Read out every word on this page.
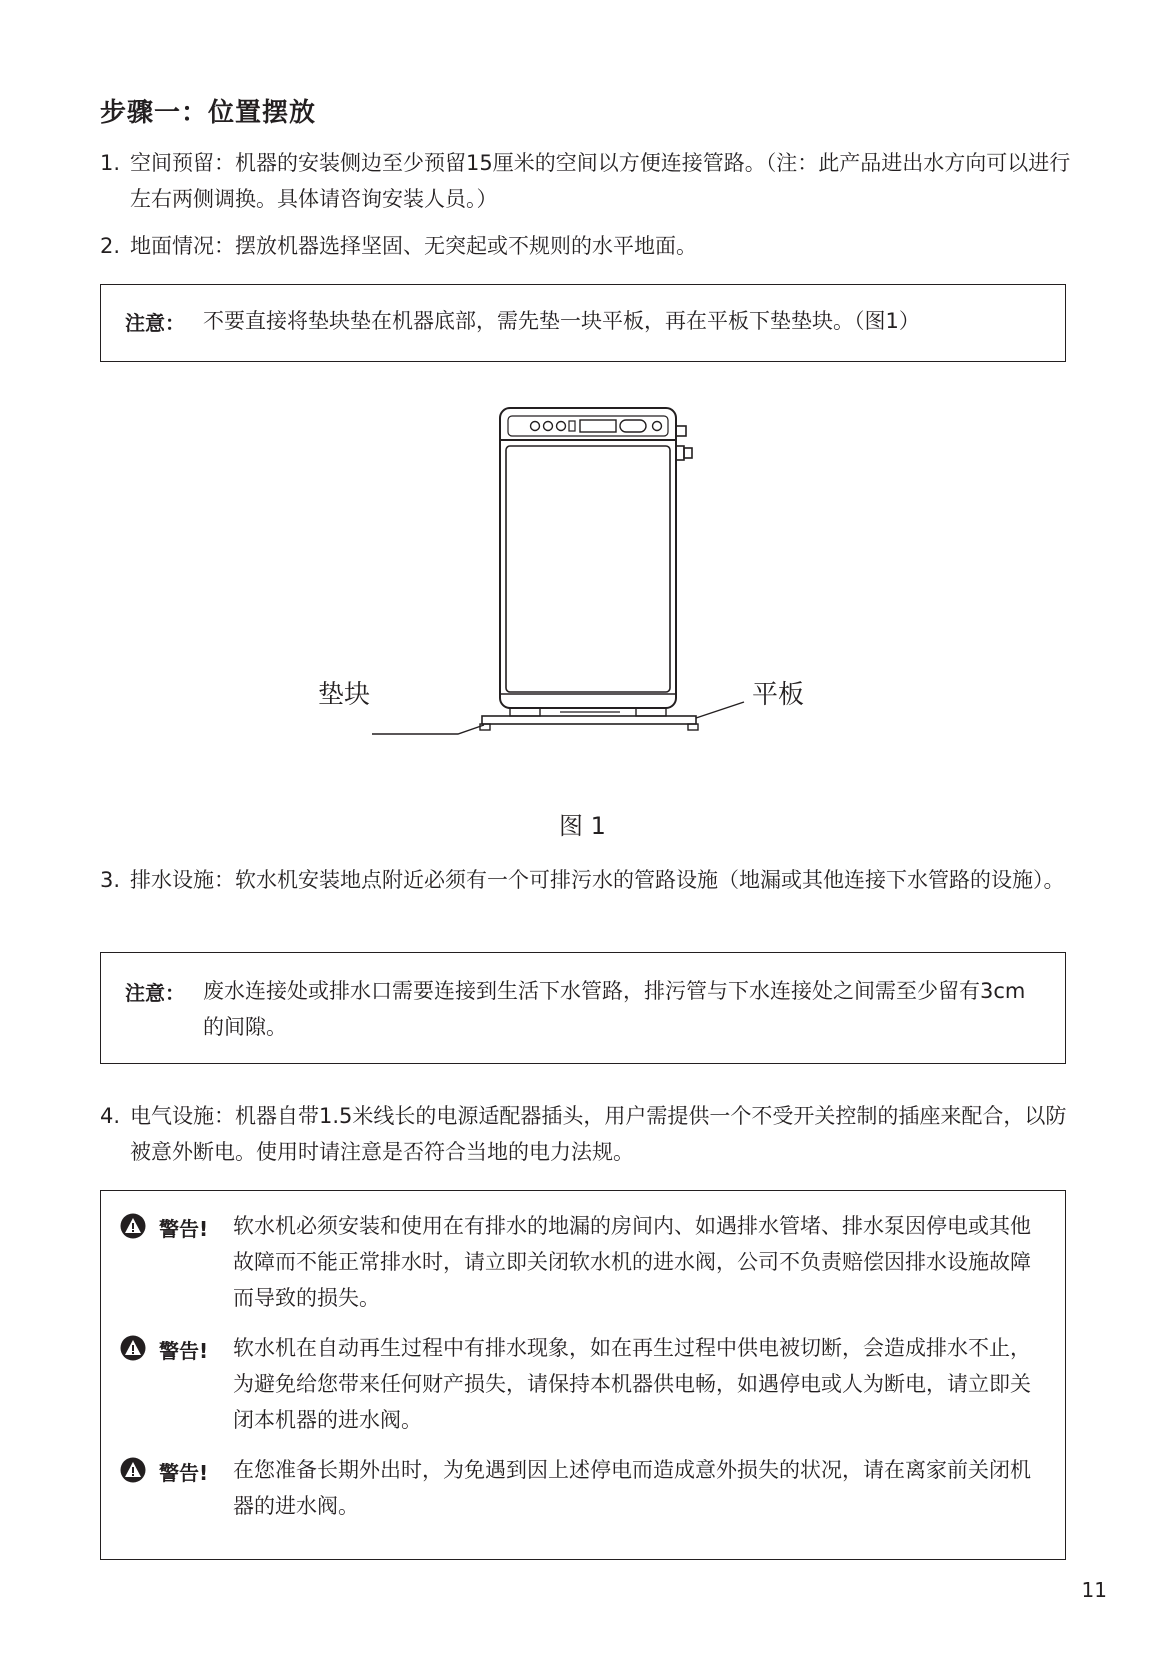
步骤一：位置摆放
1. 空间预留：机器的安装侧边至少预留15厘米的空间以方便连接管路。（注：此产品进出水方向可以进行左右两侧调换。具体请咨询安装人员。）
2. 地面情况：摆放机器选择坚固、无突起或不规则的水平地面。
注意： 不要直接将垫块垫在机器底部，需先垫一块平板，再在平板下垫垫块。（图1）
垫块	平板
图 1
3. 排水设施：软水机安装地点附近必须有一个可排污水的管路设施（地漏或其他连接下水管路的设施）。
注意： 废水连接处或排水口需要连接到生活下水管路，排污管与下水连接处之间需至少留有3cm的间隙。
4. 电气设施：机器自带1.5米线长的电源适配器插头，用户需提供一个不受开关控制的插座来配合，以防被意外断电。使用时请注意是否符合当地的电力法规。
警告! 软水机必须安装和使用在有排水的地漏的房间内、如遇排水管堵、排水泵因停电或其他故障而不能正常排水时，请立即关闭软水机的进水阀，公司不负责赔偿因排水设施故障而导致的损失。
警告! 软水机在自动再生过程中有排水现象，如在再生过程中供电被切断，会造成排水不止，为避免给您带来任何财产损失，请保持本机器供电畅，如遇停电或人为断电，请立即关闭本机器的进水阀。
警告! 在您准备长期外出时，为免遇到因上述停电而造成意外损失的状况，请在离家前关闭机器的进水阀。
11
